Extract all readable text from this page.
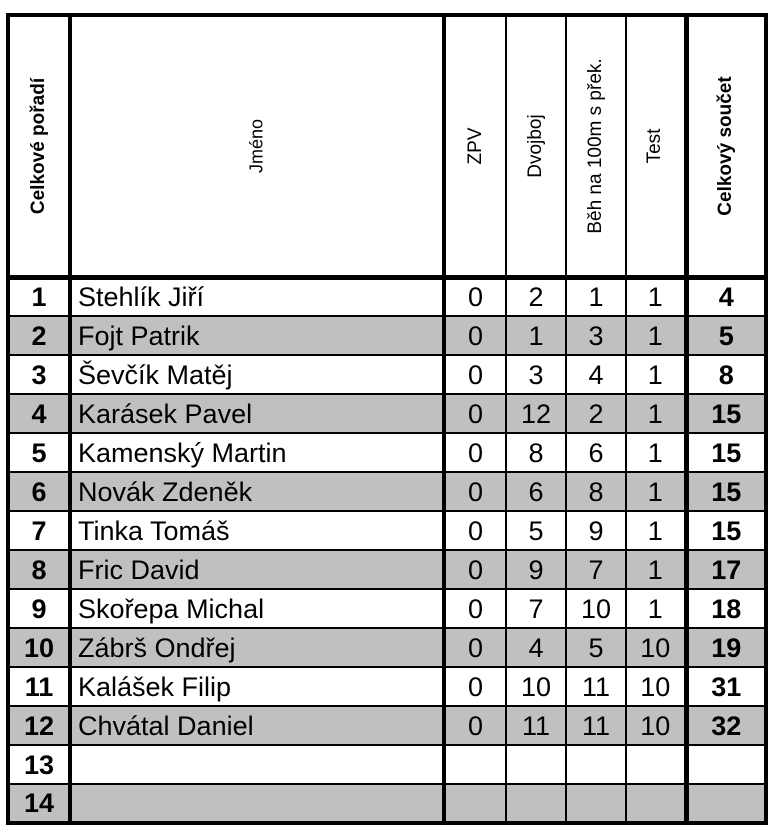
Celkové pořadí	Jméno	ZPV	Dvojboj	Běh na 100m s přek.	Test	Celkový součet

1	Stehlík Jiří	0	2	1	1	4
2	Fojt Patrik	0	1	3	1	5
3	Ševčík Matěj	0	3	4	1	8
4	Karásek Pavel	0	12	2	1	15
5	Kamenský Martin	0	8	6	1	15
6	Novák Zdeněk	0	6	8	1	15
7	Tinka Tomáš	0	5	9	1	15
8	Fric David	0	9	7	1	17
9	Skořepa Michal	0	7	10	1	18
10	Zábrš Ondřej	0	4	5	10	19
11	Kalášek Filip	0	10	11	10	31
12	Chvátal Daniel	0	11	11	10	32
13						
14						
